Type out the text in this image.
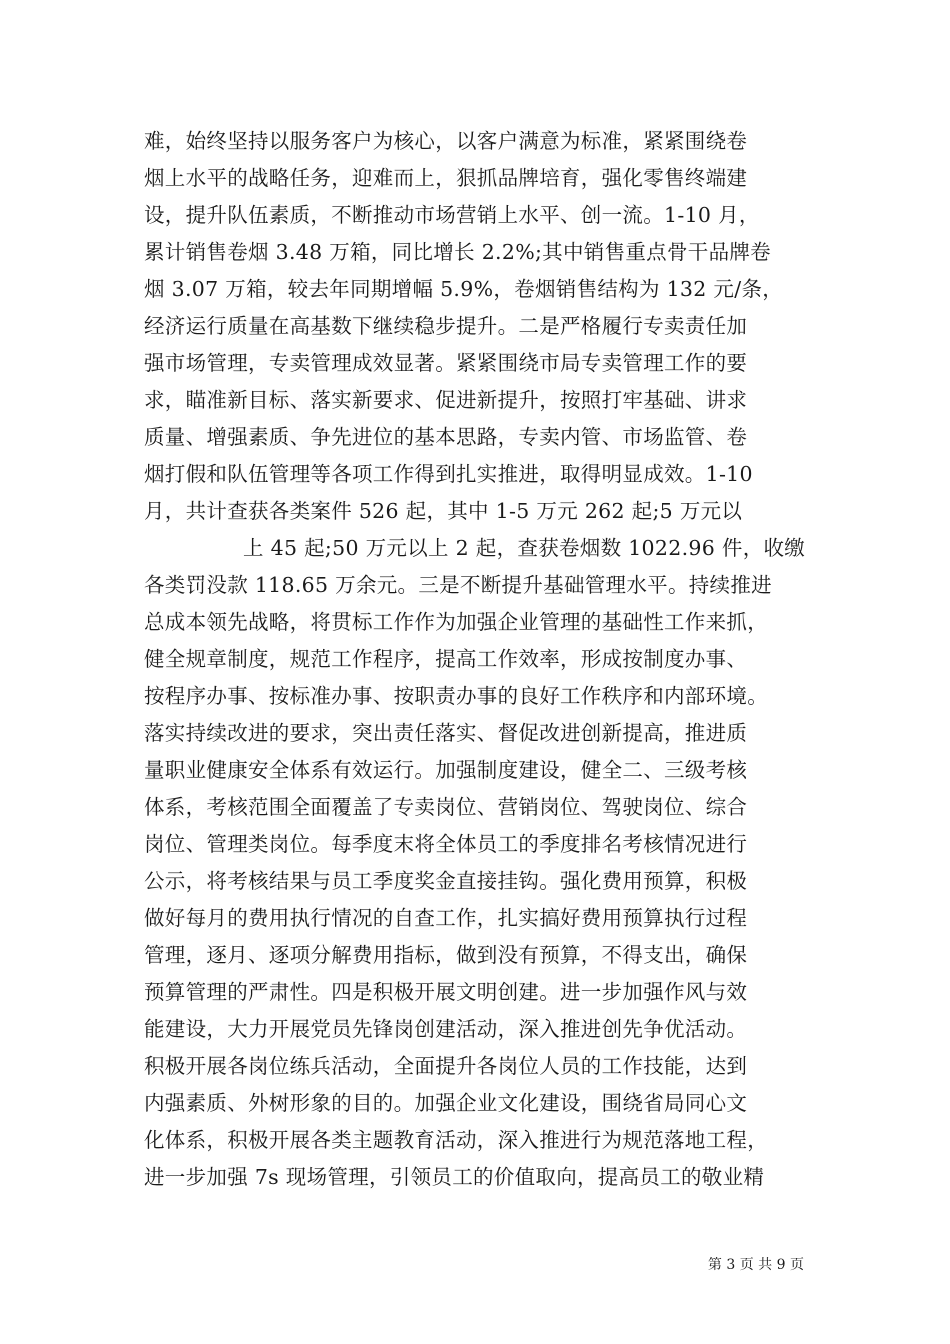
难，始终坚持以服务客户为核心，以客户满意为标准，紧紧围绕卷
烟上水平的战略任务，迎难而上，狠抓品牌培育，强化零售终端建
设，提升队伍素质，不断推动市场营销上水平、创一流。1-10 月，
累计销售卷烟 3.48 万箱，同比增长 2.2%;其中销售重点骨干品牌卷
烟 3.07 万箱，较去年同期增幅 5.9%，卷烟销售结构为 132 元/条，
经济运行质量在高基数下继续稳步提升。二是严格履行专卖责任加
强市场管理，专卖管理成效显著。紧紧围绕市局专卖管理工作的要
求，瞄准新目标、落实新要求、促进新提升，按照打牢基础、讲求
质量、增强素质、争先进位的基本思路，专卖内管、市场监管、卷
烟打假和队伍管理等各项工作得到扎实推进，取得明显成效。1-10
月，共计查获各类案件 526 起，其中 1-5 万元 262 起;5 万元以
上 45 起;50 万元以上 2 起，查获卷烟数 1022.96 件，收缴
各类罚没款 118.65 万余元。三是不断提升基础管理水平。持续推进
总成本领先战略，将贯标工作作为加强企业管理的基础性工作来抓，
健全规章制度，规范工作程序，提高工作效率，形成按制度办事、
按程序办事、按标准办事、按职责办事的良好工作秩序和内部环境。
落实持续改进的要求，突出责任落实、督促改进创新提高，推进质
量职业健康安全体系有效运行。加强制度建设，健全二、三级考核
体系，考核范围全面覆盖了专卖岗位、营销岗位、驾驶岗位、综合
岗位、管理类岗位。每季度末将全体员工的季度排名考核情况进行
公示，将考核结果与员工季度奖金直接挂钩。强化费用预算，积极
做好每月的费用执行情况的自查工作，扎实搞好费用预算执行过程
管理，逐月、逐项分解费用指标，做到没有预算，不得支出，确保
预算管理的严肃性。四是积极开展文明创建。进一步加强作风与效
能建设，大力开展党员先锋岗创建活动，深入推进创先争优活动。
积极开展各岗位练兵活动，全面提升各岗位人员的工作技能，达到
内强素质、外树形象的目的。加强企业文化建设，围绕省局同心文
化体系，积极开展各类主题教育活动，深入推进行为规范落地工程，
进一步加强 7s 现场管理，引领员工的价值取向，提高员工的敬业精
第 3 页 共 9 页
